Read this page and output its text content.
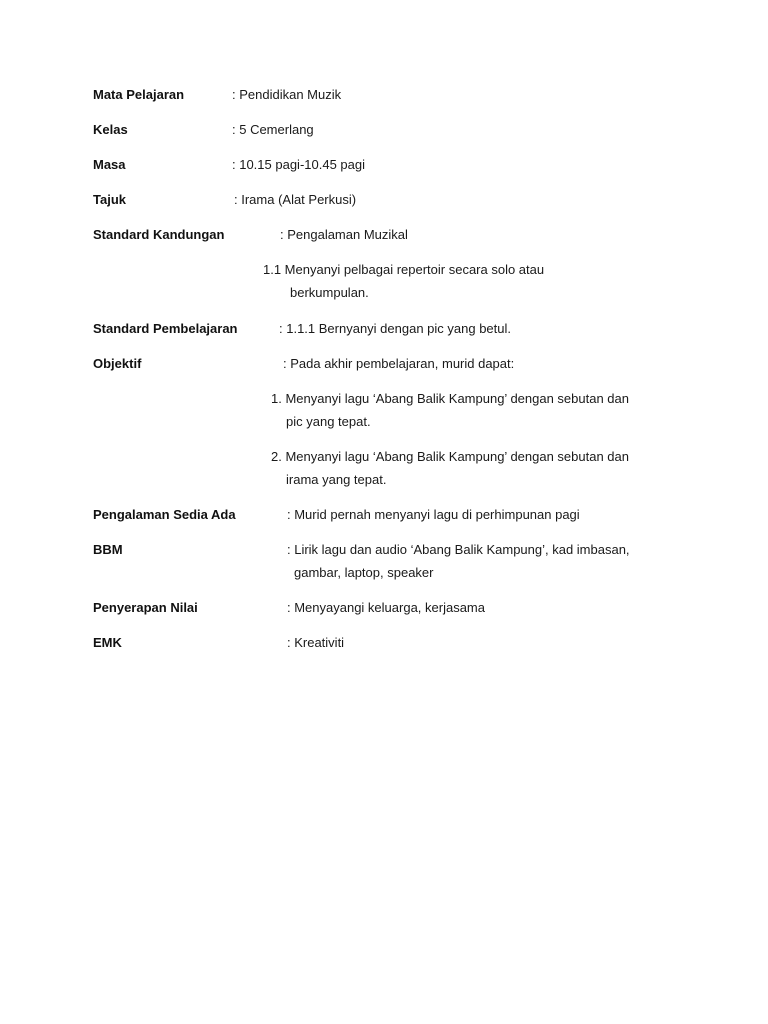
Mata Pelajaran	: Pendidikan Muzik
Kelas	: 5 Cemerlang
Masa	: 10.15 pagi-10.45 pagi
Tajuk	: Irama (Alat Perkusi)
Standard Kandungan	: Pengalaman Muzikal
1.1 Menyanyi pelbagai repertoir secara solo atau
berkumpulan.
Standard Pembelajaran	: 1.1.1 Bernyanyi dengan pic yang betul.
Objektif	: Pada akhir pembelajaran, murid dapat:
1. Menyanyi lagu ‘Abang Balik Kampung’ dengan sebutan dan
pic yang tepat.
2. Menyanyi lagu ‘Abang Balik Kampung’ dengan sebutan dan
irama yang tepat.
Pengalaman Sedia Ada	: Murid pernah menyanyi lagu di perhimpunan pagi
BBM	: Lirik lagu dan audio ‘Abang Balik Kampung’, kad imbasan,
gambar, laptop, speaker
Penyerapan Nilai	: Menyayangi keluarga, kerjasama
EMK	: Kreativiti
